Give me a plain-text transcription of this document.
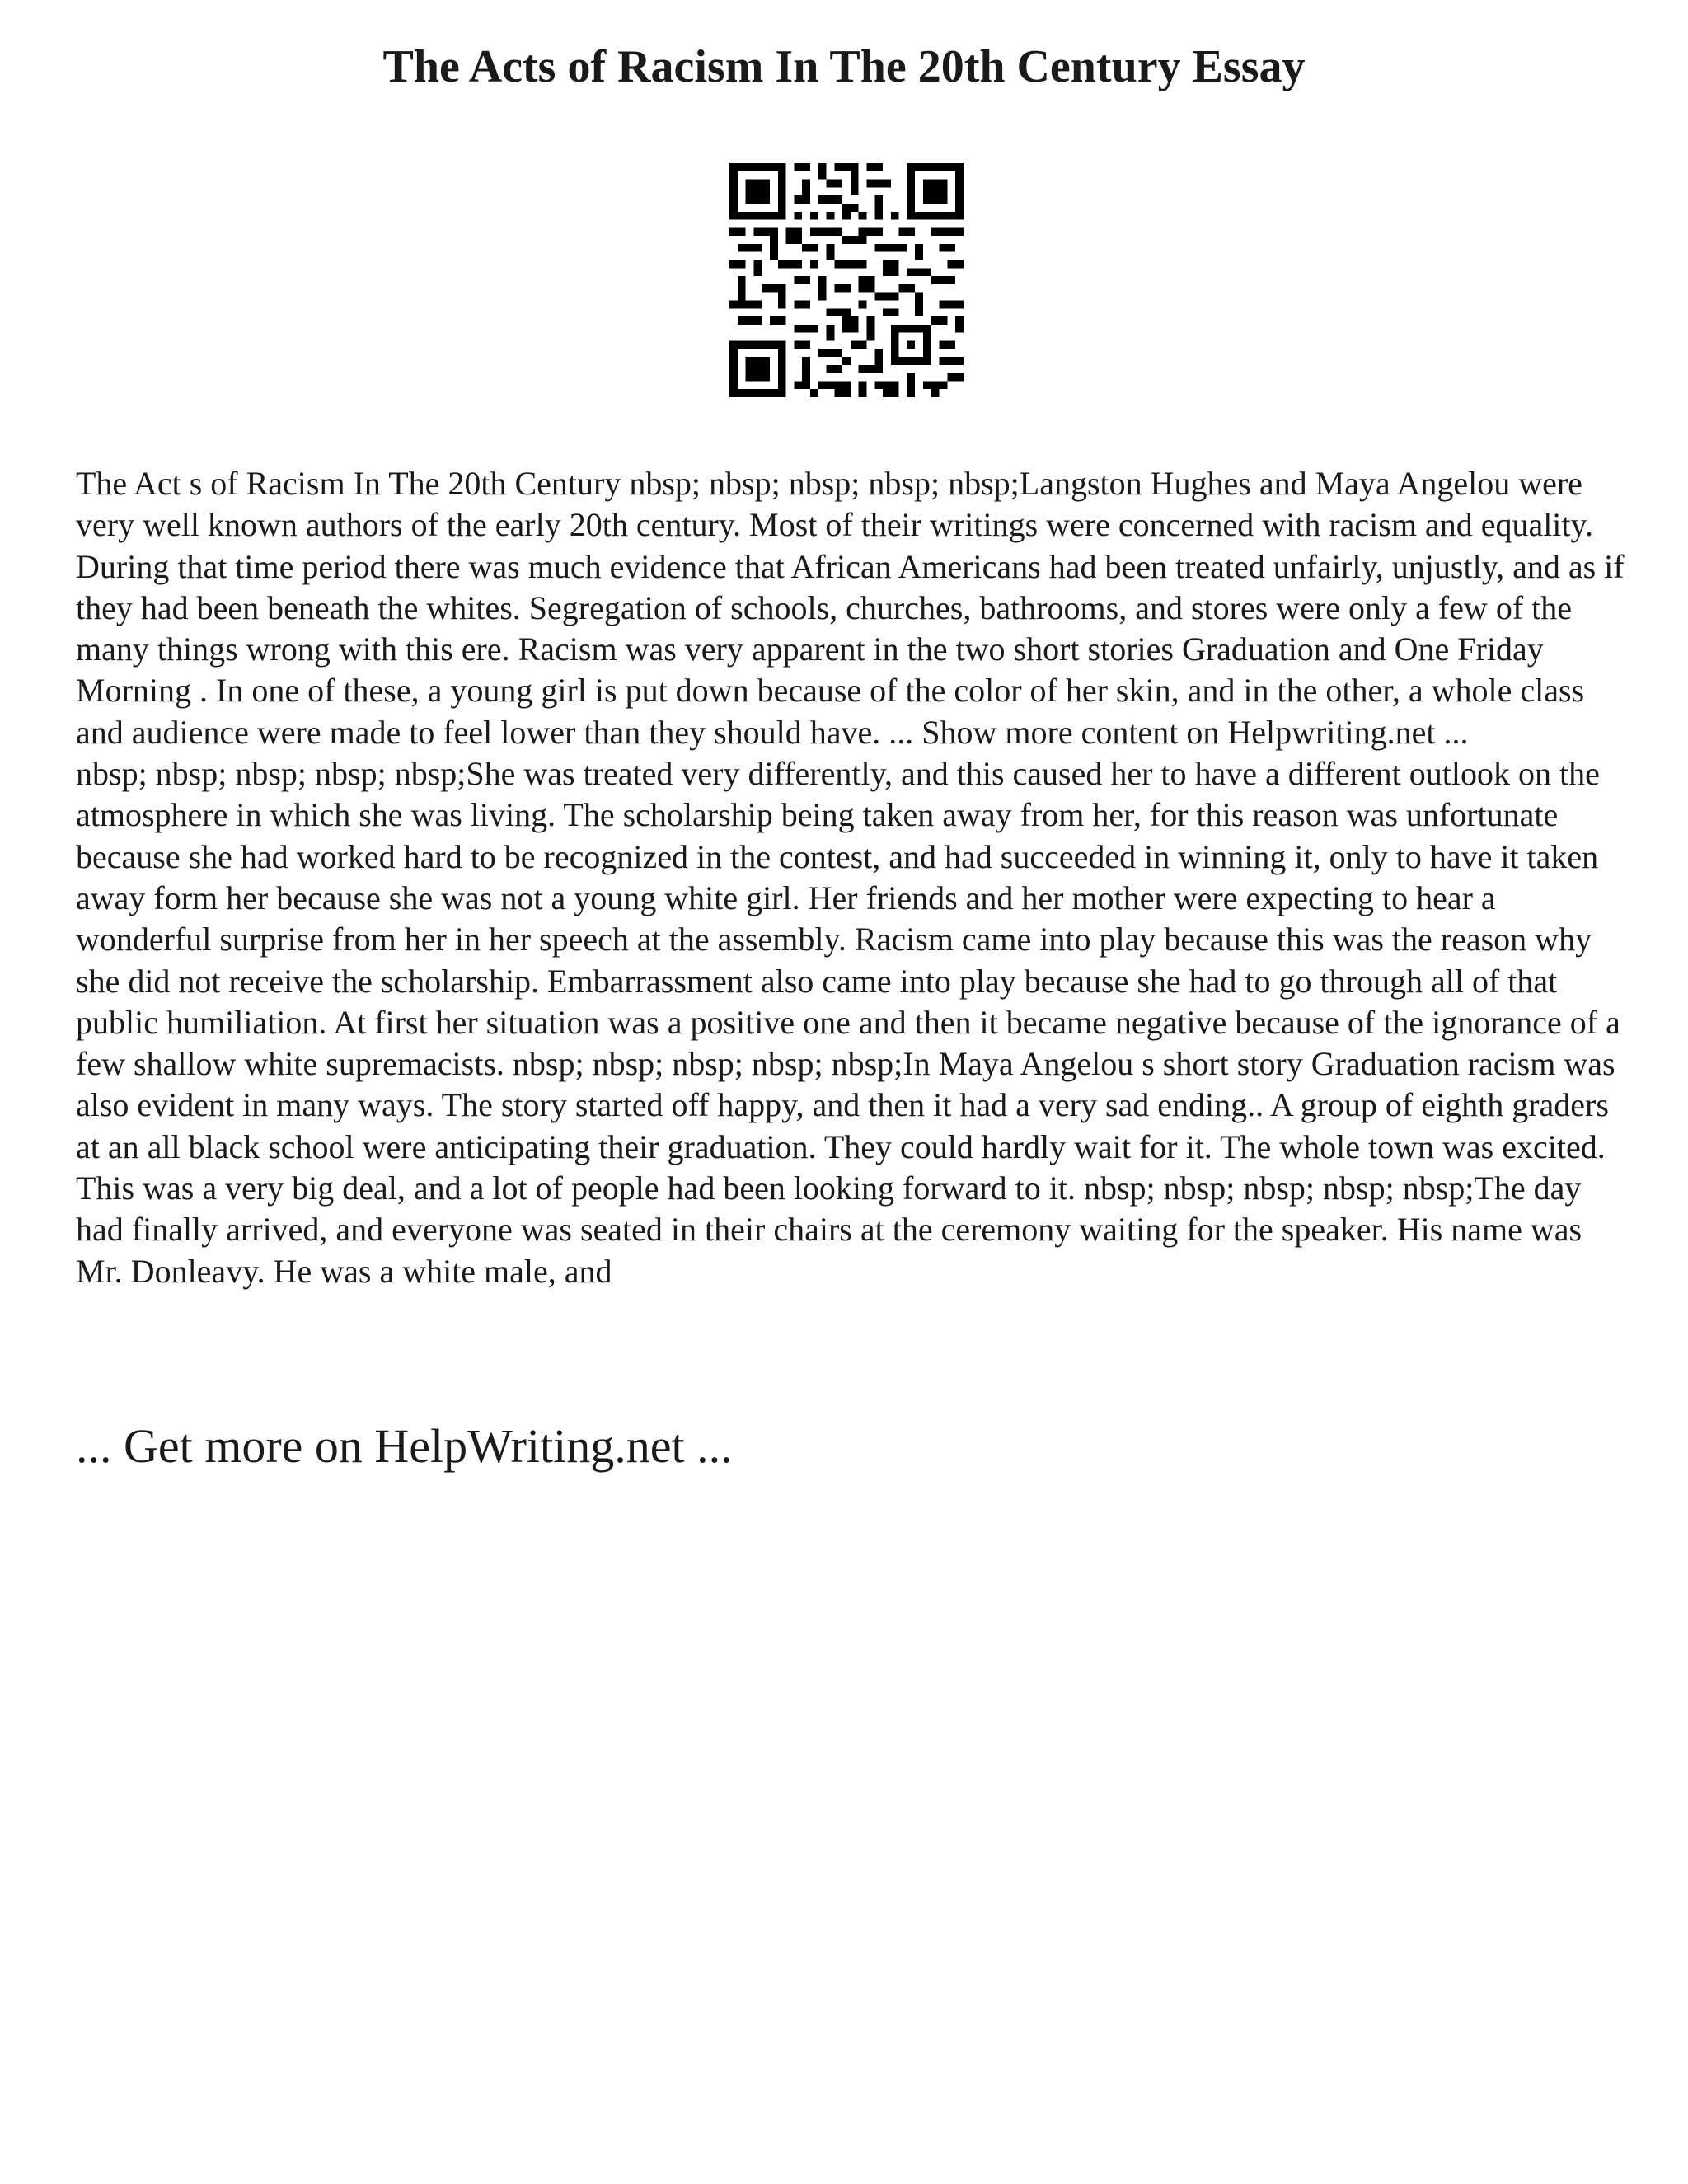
The Acts of Racism In The 20th Century Essay

The Act s of Racism In The 20th Century nbsp; nbsp; nbsp; nbsp; nbsp;Langston Hughes and Maya Angelou were very well known authors of the early 20th century. Most of their writings were concerned with racism and equality. During that time period there was much evidence that African Americans had been treated unfairly, unjustly, and as if they had been beneath the whites. Segregation of schools, churches, bathrooms, and stores were only a few of the many things wrong with this ere. Racism was very apparent in the two short stories Graduation and One Friday Morning . In one of these, a young girl is put down because of the color of her skin, and in the other, a whole class and audience were made to feel lower than they should have. ... Show more content on Helpwriting.net ...

nbsp; nbsp; nbsp; nbsp; nbsp;She was treated very differently, and this caused her to have a different outlook on the atmosphere in which she was living. The scholarship being taken away from her, for this reason was unfortunate because she had worked hard to be recognized in the contest, and had succeeded in winning it, only to have it taken away form her because she was not a young white girl. Her friends and her mother were expecting to hear a wonderful surprise from her in her speech at the assembly. Racism came into play because this was the reason why she did not receive the scholarship. Embarrassment also came into play because she had to go through all of that public humiliation. At first her situation was a positive one and then it became negative because of the ignorance of a few shallow white supremacists. nbsp; nbsp; nbsp; nbsp; nbsp;In Maya Angelou s short story Graduation racism was also evident in many ways. The story started off happy, and then it had a very sad ending.. A group of eighth graders at an all black school were anticipating their graduation. They could hardly wait for it. The whole town was excited. This was a very big deal, and a lot of people had been looking forward to it. nbsp; nbsp; nbsp; nbsp; nbsp;The day had finally arrived, and everyone was seated in their chairs at the ceremony waiting for the speaker. His name was Mr. Donleavy. He was a white male, and

... Get more on HelpWriting.net ...
